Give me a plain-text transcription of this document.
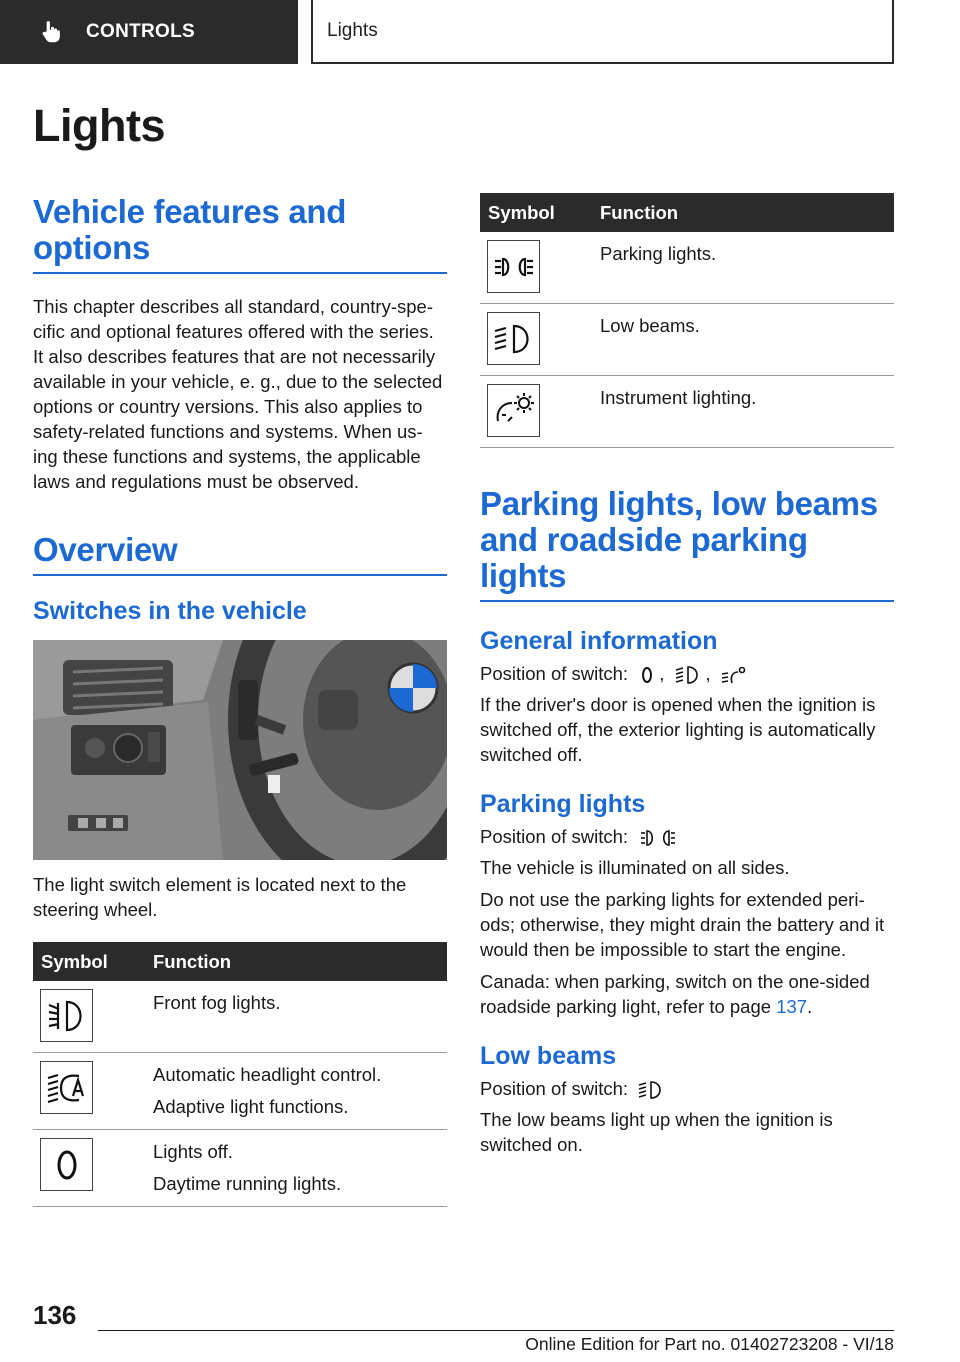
CONTROLS	Lights
Lights
Vehicle features and options

This chapter describes all standard, country-spe-cific and optional features offered with the series. It also describes features that are not necessarily available in your vehicle, e. g., due to the selected options or country versions. This also applies to safety-related functions and systems. When us-ing these functions and systems, the applicable laws and regulations must be observed.

Overview
Switches in the vehicle

The light switch element is located next to the steering wheel.

Symbol	Function

Front fog lights.

Automatic headlight control.
Adaptive light functions.

Lights off.
Daytime running lights.
Symbol	Function

Parking lights.

Low beams.

Instrument lighting.
Parking lights, low beams and roadside parking lights
General information

Position of switch: , ,

If the driver's door is opened when the ignition is switched off, the exterior lighting is automatically switched off.

Parking lights

Position of switch:

The vehicle is illuminated on all sides.

Do not use the parking lights for extended peri-ods; otherwise, they might drain the battery and it would then be impossible to start the engine.

Canada: when parking, switch on the one-sided roadside parking light, refer to page 137.

Low beams

Position of switch:

The low beams light up when the ignition is switched on.

136
Online Edition for Part no. 01402723208 - VI/18
